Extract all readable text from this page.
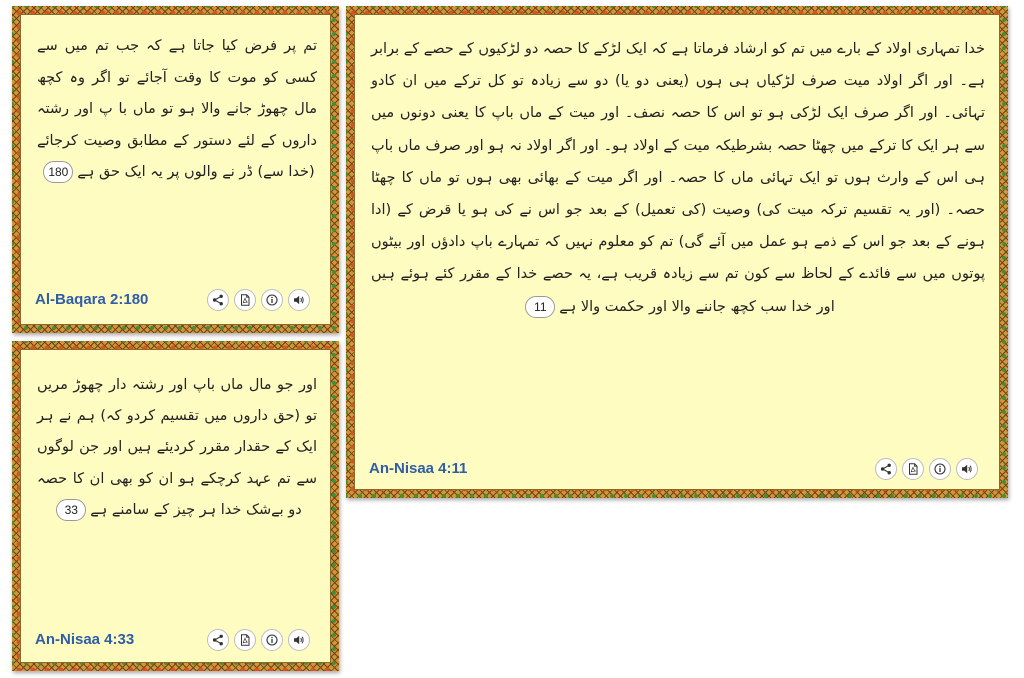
تم پر فرض کیا جاتا ہے کہ جب تم میں سے کسی کو موت کا وقت آجائے تو اگر وہ کچھ مال چھوڑ جانے والا ہو تو ماں با پ اور رشتہ داروں کے لئے دستور کے مطابق وصیت کرجائے (خدا سے) ڈر نے والوں پر یہ ایک حق ہے180
Al-Baqara 2:180
اور جو مال ماں باپ اور رشتہ دار چھوڑ مریں تو (حق داروں میں تقسیم کردو کہ) ہم نے ہر ایک کے حقدار مقرر کردیئے ہیں اور جن لوگوں سے تم عہد کرچکے ہو ان کو بھی ان کا حصہ دو بےشک خدا ہر چیز کے سامنے ہے33
An-Nisaa 4:33
خدا تمہاری اولاد کے بارے میں تم کو ارشاد فرماتا ہے کہ ایک لڑکے کا حصہ دو لڑکیوں کے حصے کے برابر ہے۔ اور اگر اولاد میت صرف لڑکیاں ہی ہوں (یعنی دو یا) دو سے زیادہ تو کل ترکے میں ان کادو تہائی۔ اور اگر صرف ایک لڑکی ہو تو اس کا حصہ نصف۔ اور میت کے ماں باپ کا یعنی دونوں میں سے ہر ایک کا ترکے میں چھٹا حصہ بشرطیکہ میت کے اولاد ہو۔ اور اگر اولاد نہ ہو اور صرف ماں باپ ہی اس کے وارث ہوں تو ایک تہائی ماں کا حصہ۔ اور اگر میت کے بھائی بھی ہوں تو ماں کا چھٹا حصہ۔ (اور یہ تقسیم ترکہ میت کی) وصیت (کی تعمیل) کے بعد جو اس نے کی ہو یا قرض کے (ادا ہونے کے بعد جو اس کے ذمے ہو عمل میں آئے گی) تم کو معلوم نہیں کہ تمہارے باپ دادؤں اور بیٹوں پوتوں میں سے فائدے کے لحاظ سے کون تم سے زیادہ قریب ہے، یہ حصے خدا کے مقرر کئے ہوئے ہیں اور خدا سب کچھ جاننے والا اور حکمت والا ہے11
An-Nisaa 4:11
